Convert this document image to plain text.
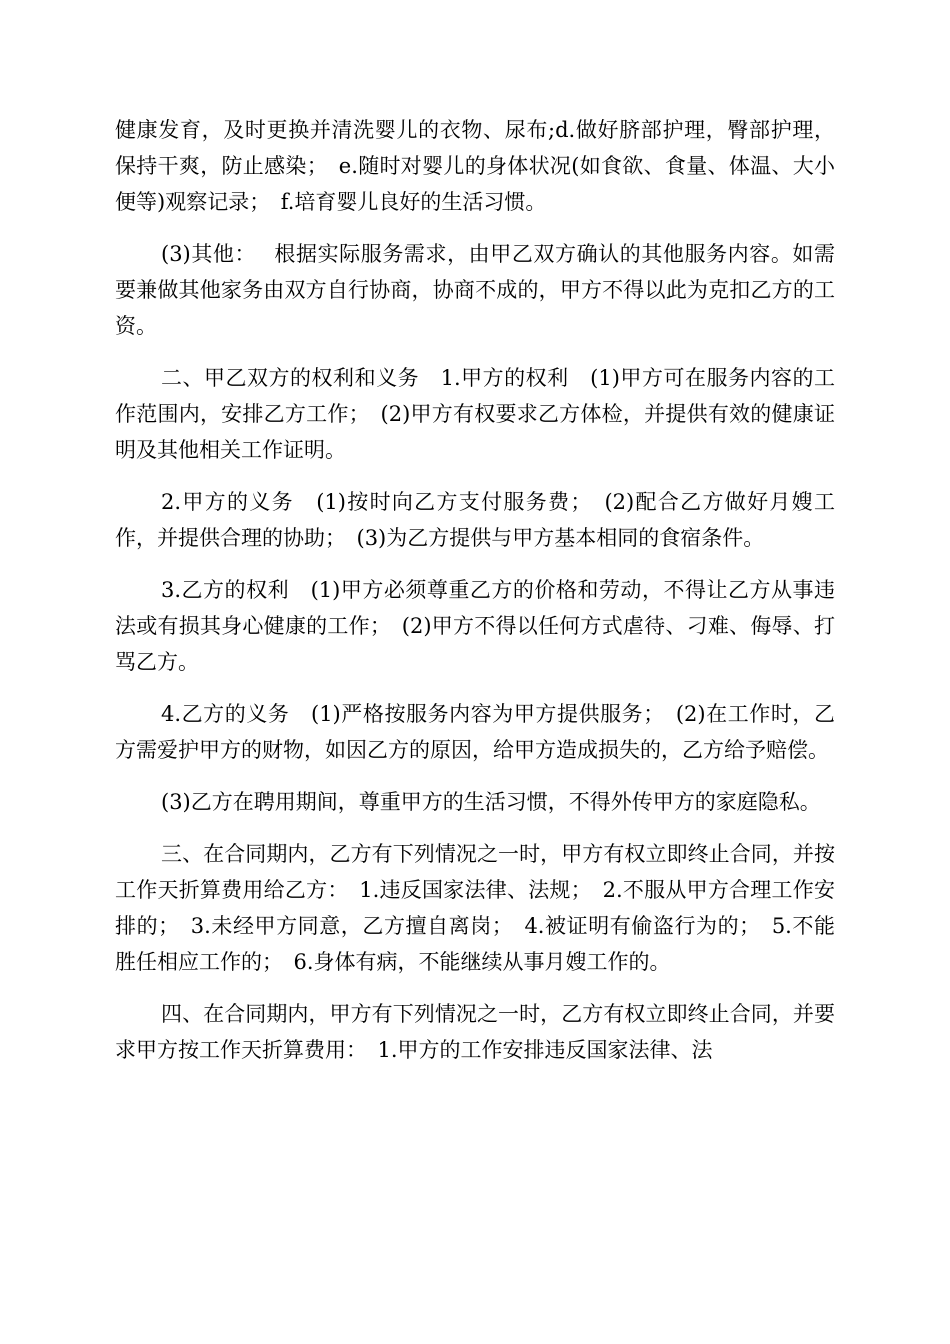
健康发育，及时更换并清洗婴儿的衣物、尿布;d.做好脐部护理，臀部护理，保持干爽，防止感染；　e.随时对婴儿的身体状况(如食欲、食量、体温、大小便等)观察记录；　f.培育婴儿良好的生活习惯。

(3)其他：　 根据实际服务需求，由甲乙双方确认的其他服务内容。如需要兼做其他家务由双方自行协商，协商不成的，甲方不得以此为克扣乙方的工资。

二、甲乙双方的权利和义务　1.甲方的权利　(1)甲方可在服务内容的工作范围内，安排乙方工作；　(2)甲方有权要求乙方体检，并提供有效的健康证明及其他相关工作证明。

2.甲方的义务　(1)按时向乙方支付服务费；　(2)配合乙方做好月嫂工作，并提供合理的协助；　(3)为乙方提供与甲方基本相同的食宿条件。

3.乙方的权利　(1)甲方必须尊重乙方的价格和劳动，不得让乙方从事违法或有损其身心健康的工作；　(2)甲方不得以任何方式虐待、刁难、侮辱、打骂乙方。

4.乙方的义务　(1)严格按服务内容为甲方提供服务；　(2)在工作时，乙方需爱护甲方的财物，如因乙方的原因，给甲方造成损失的，乙方给予赔偿。

(3)乙方在聘用期间，尊重甲方的生活习惯，不得外传甲方的家庭隐私。

三、在合同期内，乙方有下列情况之一时，甲方有权立即终止合同，并按工作天折算费用给乙方：　1.违反国家法律、法规；　2.不服从甲方合理工作安排的；　3.未经甲方同意，乙方擅自离岗；　4.被证明有偷盗行为的；　5.不能胜任相应工作的；　6.身体有病，不能继续从事月嫂工作的。

四、在合同期内，甲方有下列情况之一时，乙方有权立即终止合同，并要求甲方按工作天折算费用：　1.甲方的工作安排违反国家法律、法
